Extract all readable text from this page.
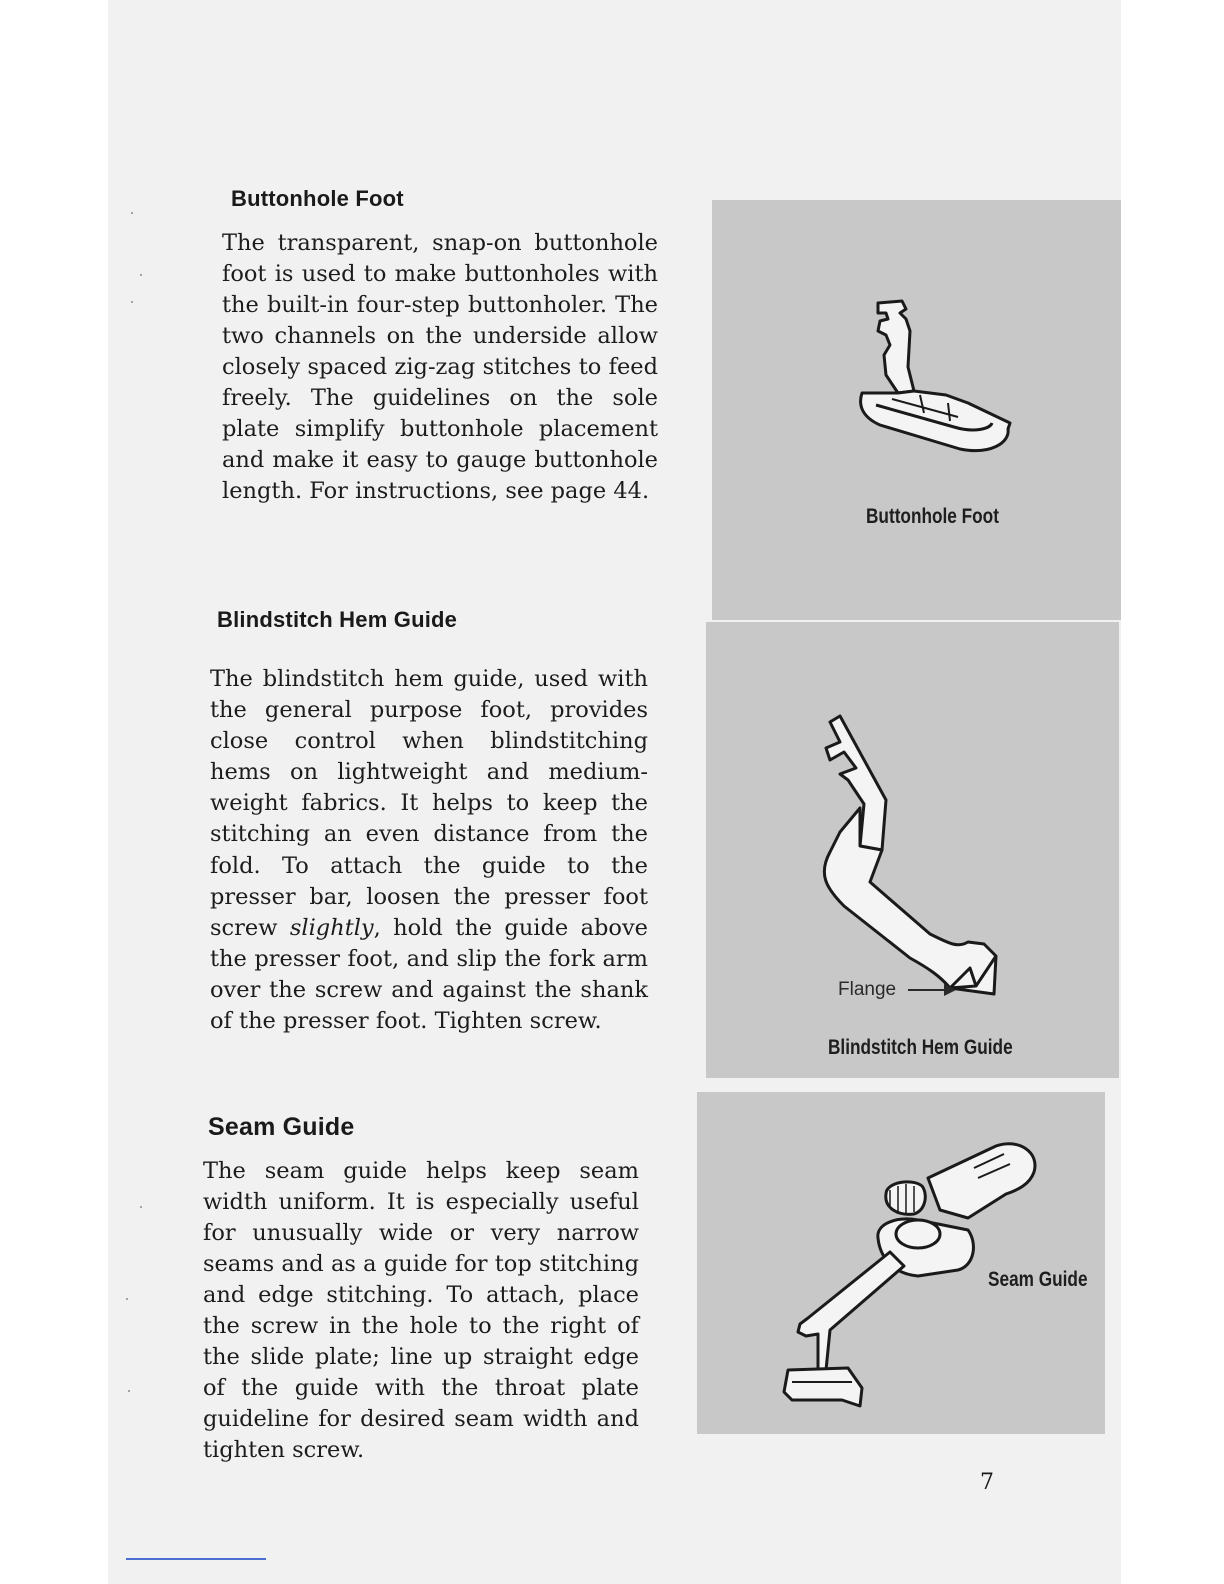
Buttonhole Foot

The transparent, snap-on buttonhole foot is used to make buttonholes with the built-in four-step buttonholer. The two channels on the underside allow closely spaced zig-zag stitches to feed freely. The guidelines on the sole plate simplify buttonhole placement and make it easy to gauge buttonhole length. For instructions, see page 44.

Blindstitch Hem Guide

The blindstitch hem guide, used with the general purpose foot, provides close control when blindstitching hems on lightweight and medium-weight fabrics. It helps to keep the stitching an even distance from the fold. To attach the guide to the presser bar, loosen the presser foot screw slightly, hold the guide above the presser foot, and slip the fork arm over the screw and against the shank of the presser foot. Tighten screw.

Seam Guide

The seam guide helps keep seam width uniform. It is especially useful for unusually wide or very narrow seams and as a guide for top stitching and edge stitching. To attach, place the screw in the hole to the right of the slide plate; line up straight edge of the guide with the throat plate guideline for desired seam width and tighten screw.

Buttonhole Foot

Flange

Blindstitch Hem Guide

Seam Guide

7
